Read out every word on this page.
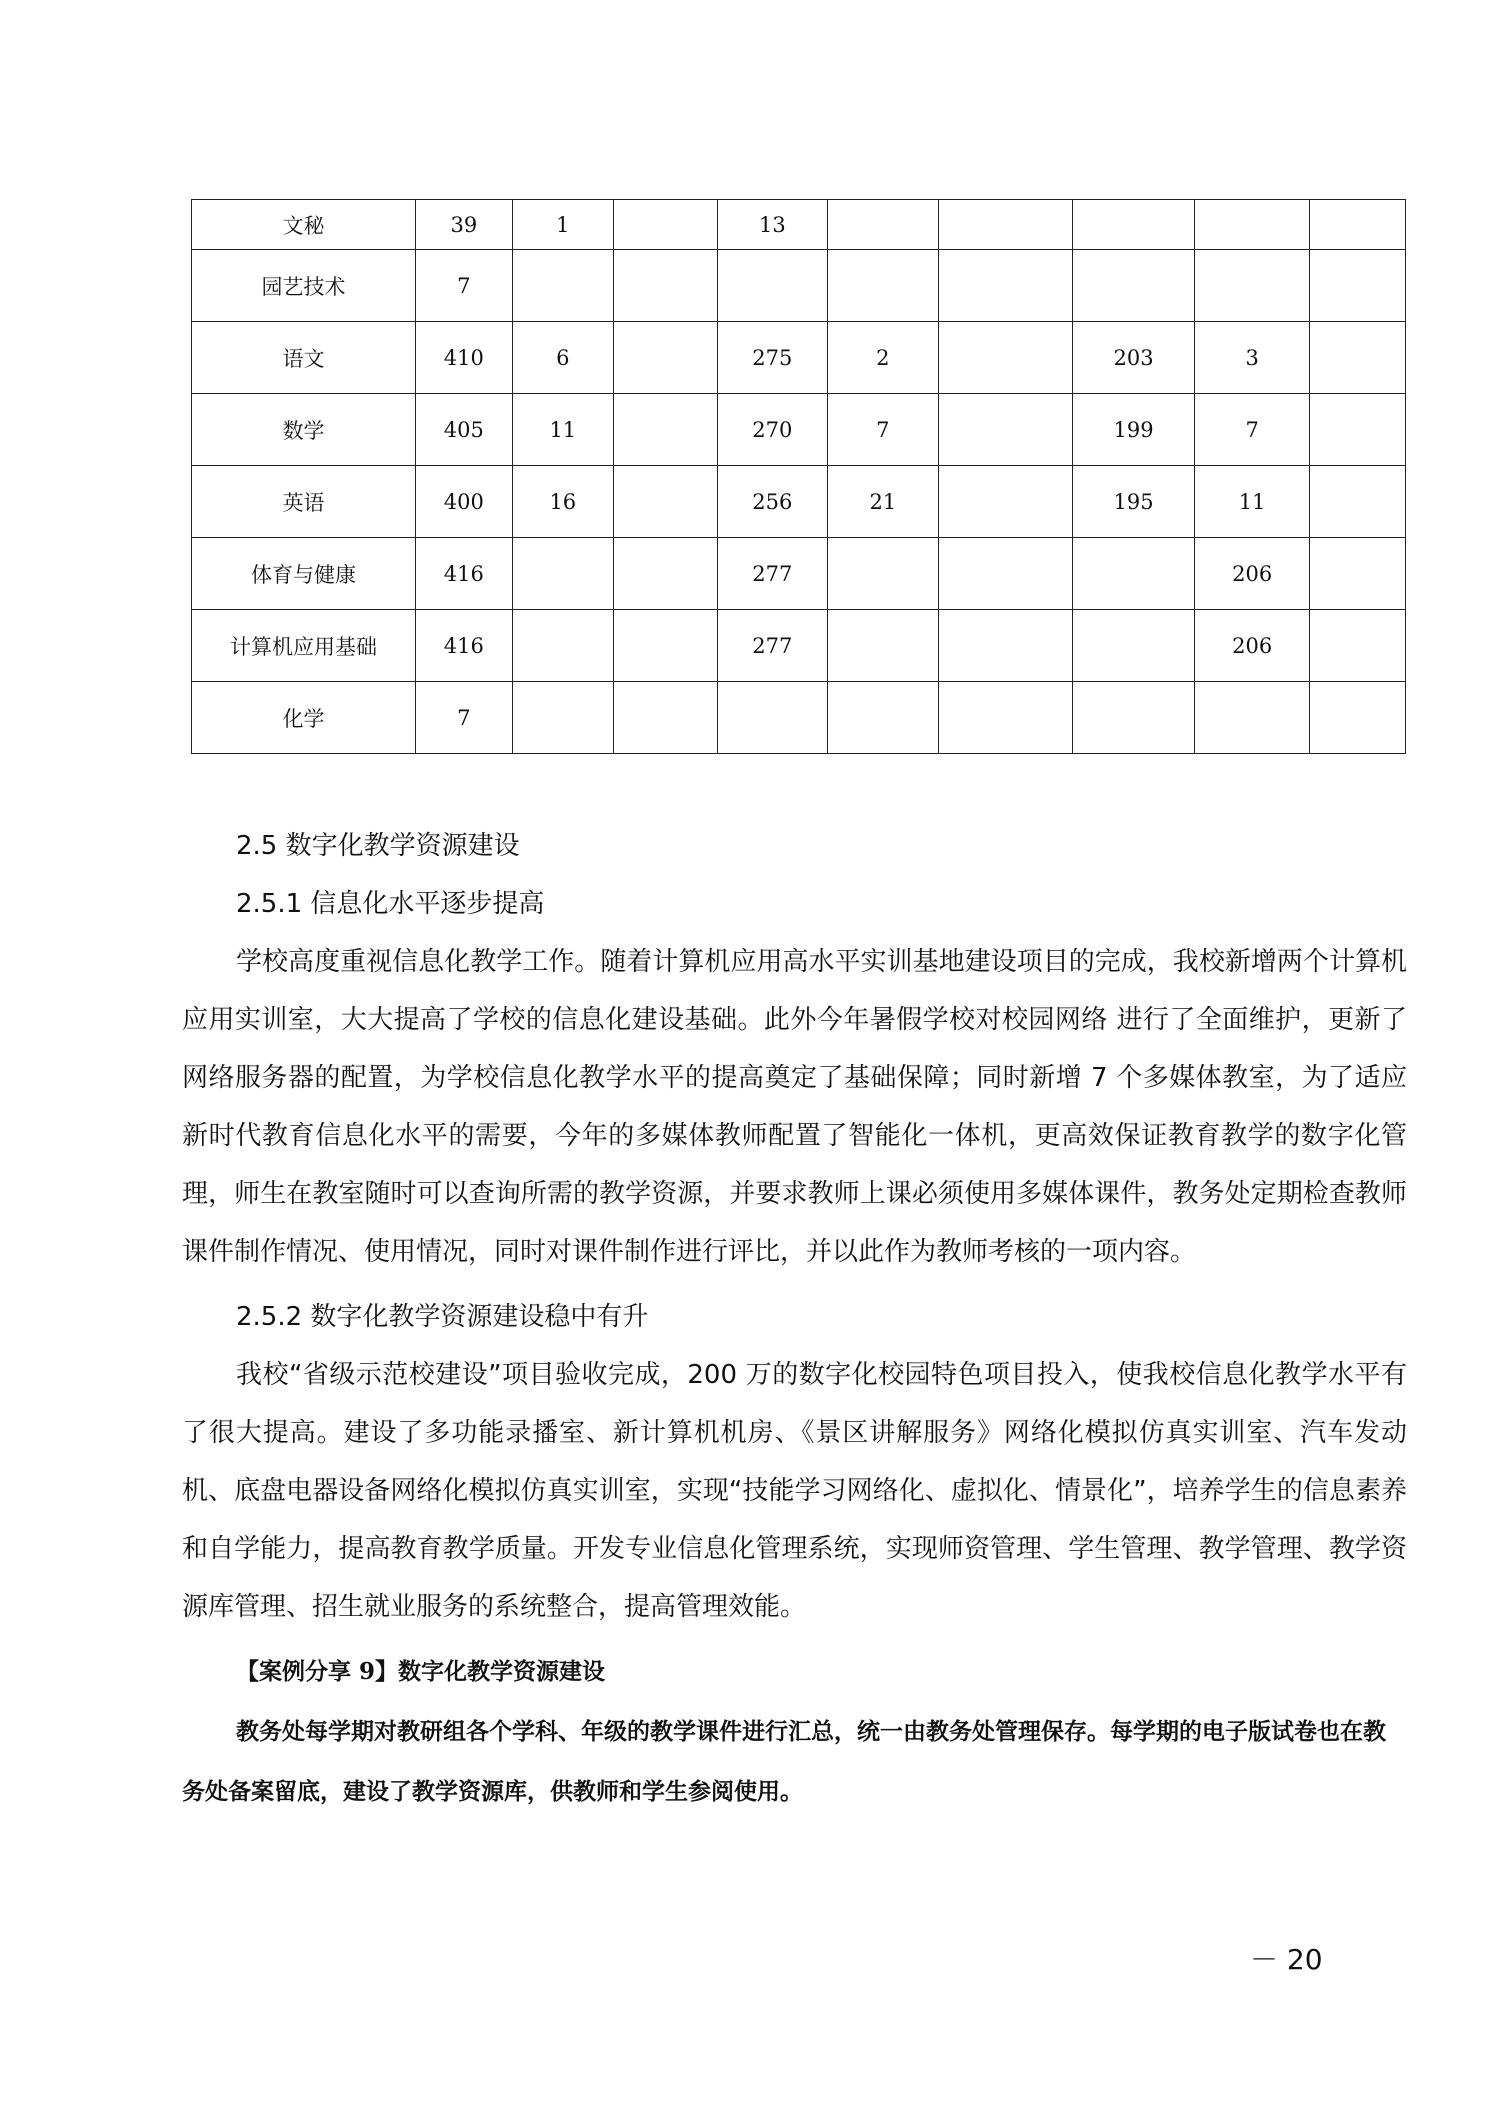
文秘	39	1		13					
园艺技术	7								
语文	410	6		275	2		203	3	
数学	405	11		270	7		199	7	
英语	400	16		256	21		195	11	
体育与健康	416			277				206	
计算机应用基础	416			277				206	
化学	7								

2.5 数字化教学资源建设

2.5.1 信息化水平逐步提高

学校高度重视信息化教学工作。随着计算机应用高水平实训基地建设项目的完成，我校新增两个计算机应用实训室，大大提高了学校的信息化建设基础。此外今年暑假学校对校园网络 进行了全面维护，更新了网络服务器的配置，为学校信息化教学水平的提高奠定了基础保障；同时新增 7 个多媒体教室，为了适应新时代教育信息化水平的需要，今年的多媒体教师配置了智能化一体机，更高效保证教育教学的数字化管理，师生在教室随时可以查询所需的教学资源，并要求教师上课必须使用多媒体课件，教务处定期检查教师课件制作情况、使用情况，同时对课件制作进行评比，并以此作为教师考核的一项内容。

2.5.2 数字化教学资源建设稳中有升

我校“省级示范校建设”项目验收完成，200 万的数字化校园特色项目投入，使我校信息化教学水平有了很大提高。建设了多功能录播室、新计算机机房、《景区讲解服务》网络化模拟仿真实训室、汽车发动机、底盘电器设备网络化模拟仿真实训室，实现“技能学习网络化、虚拟化、情景化”，培养学生的信息素养和自学能力，提高教育教学质量。开发专业信息化管理系统，实现师资管理、学生管理、教学管理、教学资源库管理、招生就业服务的系统整合，提高管理效能。

【案例分享 9】数字化教学资源建设

教务处每学期对教研组各个学科、年级的教学课件进行汇总，统一由教务处管理保存。每学期的电子版试卷也在教务处备案留底，建设了教学资源库，供教师和学生参阅使用。

－ 20
